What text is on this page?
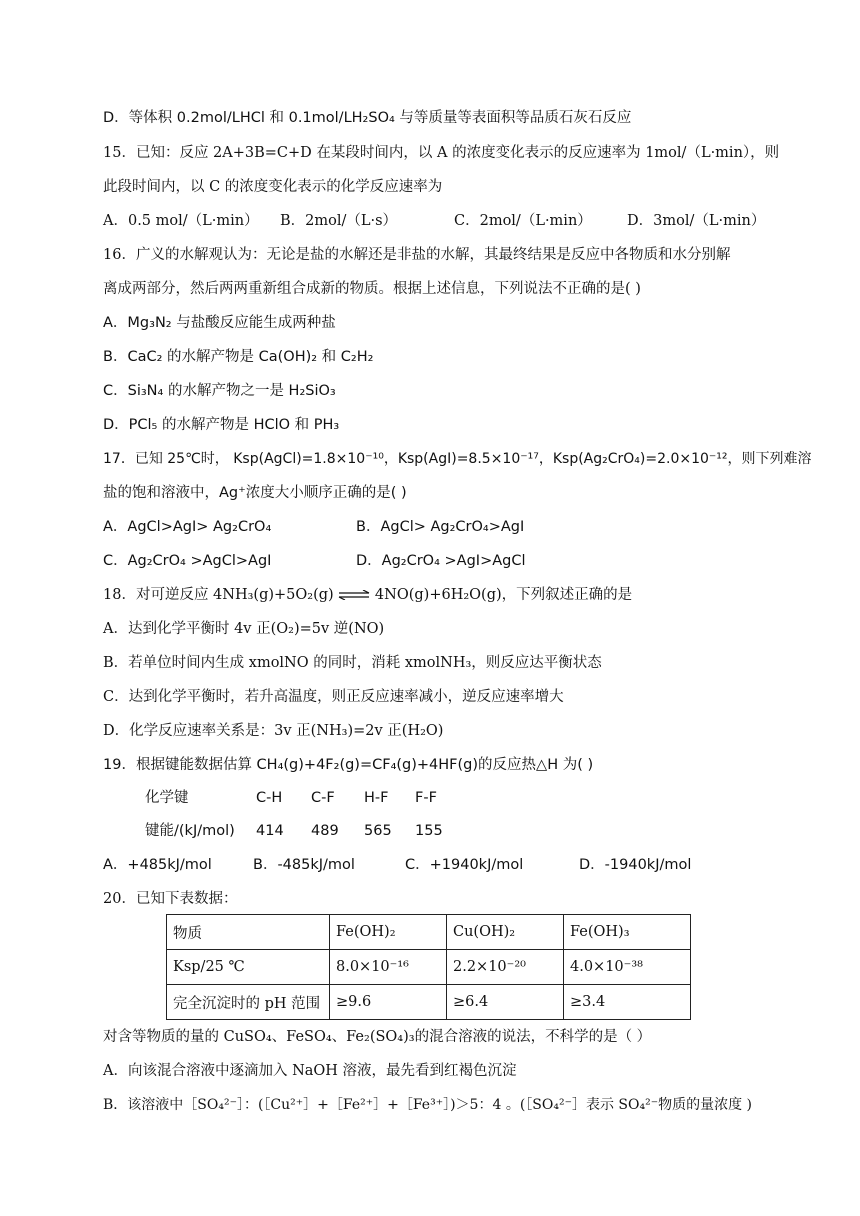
D．等体积 0.2mol/LHCl 和 0.1mol/LH₂SO₄ 与等质量等表面积等品质石灰石反应
15．已知：反应 2A+3B=C+D 在某段时间内，以 A 的浓度变化表示的反应速率为 1mol/（L·min），则
此段时间内，以 C 的浓度变化表示的化学反应速率为
A．0.5 mol/（L·min） B．2mol/（L·s）	C．2mol/（L·min） D．3mol/（L·min）
16．广义的水解观认为：无论是盐的水解还是非盐的水解，其最终结果是反应中各物质和水分别解
离成两部分，然后两两重新组合成新的物质。根据上述信息，下列说法不正确的是( )
A．Mg₃N₂ 与盐酸反应能生成两种盐
B．CaC₂ 的水解产物是 Ca(OH)₂ 和 C₂H₂
C．Si₃N₄ 的水解产物之一是 H₂SiO₃
D．PCl₅ 的水解产物是 HClO 和 PH₃
17．已知 25℃时， Ksp(AgCl)=1.8×10⁻¹⁰，Ksp(AgI)=8.5×10⁻¹⁷，Ksp(Ag₂CrO₄)=2.0×10⁻¹²，则下列难溶
盐的饱和溶液中，Ag⁺浓度大小顺序正确的是( )
A．AgCl>AgI> Ag₂CrO₄	B．AgCl> Ag₂CrO₄>AgI
C．Ag₂CrO₄ >AgCl>AgI	D．Ag₂CrO₄ >AgI>AgCl
18．对可逆反应 4NH₃(g)+5O₂(g) ⇌ 4NO(g)+6H₂O(g)，下列叙述正确的是
A．达到化学平衡时 4v 正(O₂)=5v 逆(NO)
B．若单位时间内生成 xmolNO 的同时，消耗 xmolNH₃，则反应达平衡状态
C．达到化学平衡时，若升高温度，则正反应速率减小，逆反应速率增大
D．化学反应速率关系是：3v 正(NH₃)=2v 正(H₂O)
19．根据键能数据估算 CH₄(g)+4F₂(g)=CF₄(g)+4HF(g)的反应热△H 为( )
化学键	C-H C-F H-F F-F
键能/(kJ/mol) 414 489 565 155
A．+485kJ/mol	B．-485kJ/mol	C．+1940kJ/mol	D．-1940kJ/mol
20．已知下表数据：
物质	Fe(OH)₂	Cu(OH)₂	Fe(OH)₃
Ksp/25 ℃	8.0×10⁻¹⁶	2.2×10⁻²⁰	4.0×10⁻³⁸
完全沉淀时的 pH 范围	≥9.6	≥6.4	≥3.4
对含等物质的量的 CuSO₄、FeSO₄、Fe₂(SO₄)₃的混合溶液的说法，不科学的是（ ）
A．向该混合溶液中逐滴加入 NaOH 溶液，最先看到红褐色沉淀
B．该溶液中［SO₄²⁻］：(［Cu²⁺］+［Fe²⁺］+［Fe³⁺］)＞5：4 。(［SO₄²⁻］表示 SO₄²⁻物质的量浓度 )
